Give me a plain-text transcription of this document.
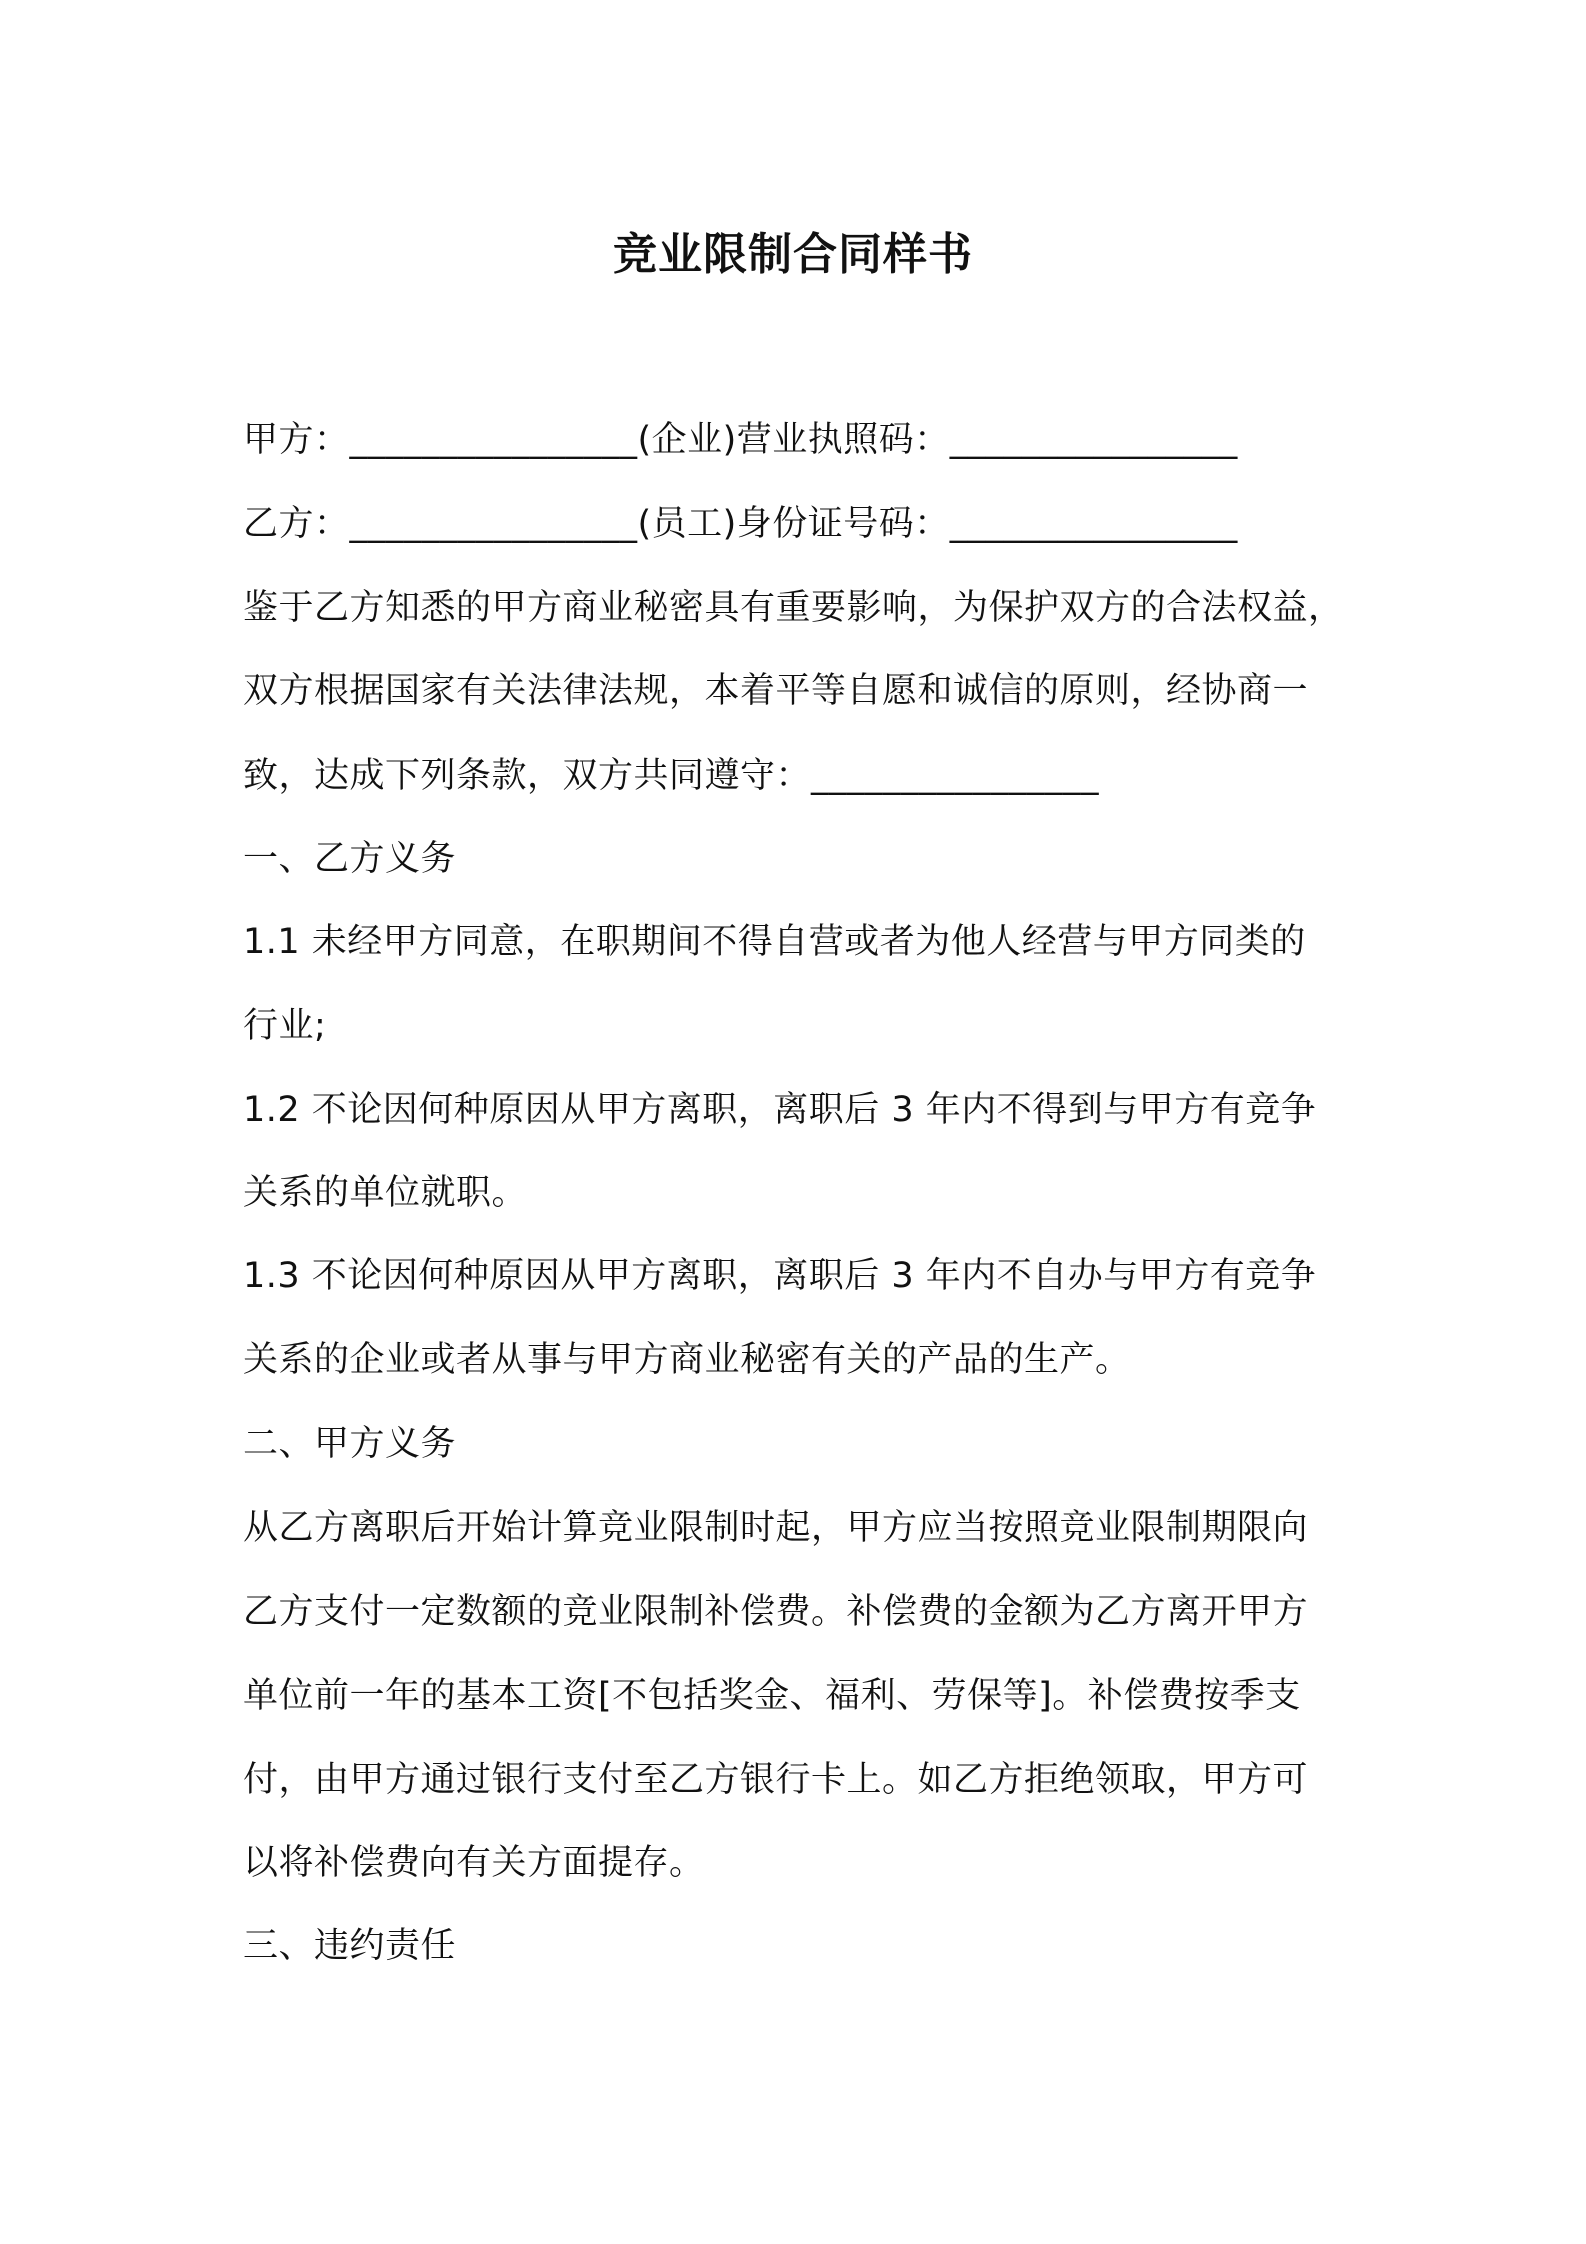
竞业限制合同样书
甲方：________________(企业)营业执照码：________________
乙方：________________(员工)身份证号码：________________
鉴于乙方知悉的甲方商业秘密具有重要影响，为保护双方的合法权益，
双方根据国家有关法律法规，本着平等自愿和诚信的原则，经协商一
致，达成下列条款，双方共同遵守：________________
一、乙方义务
1.1 未经甲方同意，在职期间不得自营或者为他人经营与甲方同类的
行业;
1.2 不论因何种原因从甲方离职，离职后 3 年内不得到与甲方有竞争
关系的单位就职。
1.3 不论因何种原因从甲方离职，离职后 3 年内不自办与甲方有竞争
关系的企业或者从事与甲方商业秘密有关的产品的生产。
二、甲方义务
从乙方离职后开始计算竞业限制时起，甲方应当按照竞业限制期限向
乙方支付一定数额的竞业限制补偿费。补偿费的金额为乙方离开甲方
单位前一年的基本工资[不包括奖金、福利、劳保等]。补偿费按季支
付，由甲方通过银行支付至乙方银行卡上。如乙方拒绝领取，甲方可
以将补偿费向有关方面提存。
三、违约责任
